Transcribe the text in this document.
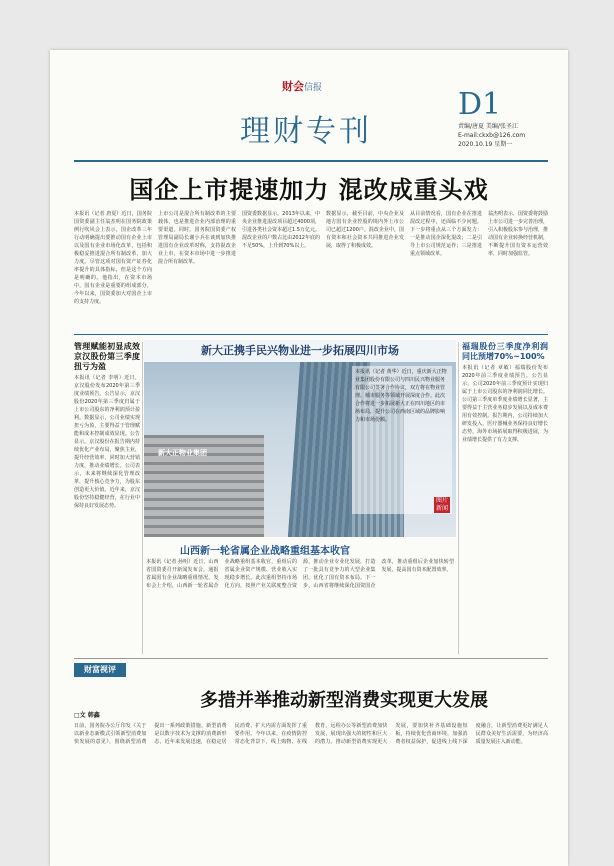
财会信报
理财专刊
D1
责编/唐夏 美编/张圣江
E-mail:ckxb@126.com
2020.10.19 星期一
国企上市提速加力 混改成重头戏
本报讯（记者 唐夏）近日，国务院国资委副主任翁杰明在国务院政策例行吹风会上表示，国企改革三年行动明确提出要推动国有企业上市以及国有企业市场化改革，包括积极稳妥推进混合所有制改革，加大力度。尽管这项对国有资产证券化率提升的具体指标，但是这个方向是明确的。他指出，在资本市场中，国有企业是重要的组成部分，今年以来，国资委加大对国企上市的支持力度。
上市公司是混合所有制改革的主要载体，也是推进企业内部治理的重要渠道。同时，国务院国资委产权管理局副局长谢小兵在谈到加快推进国有企业改革时称，支持混改企业上市，在资本市场中进一步推进混合所有制改革。
国资委数据显示，2013年以来，中央企业推进混改项目超过4000项，引进各类社会资本超过1.5万亿元。混改企业的户数占比由2012年底的不足50%，上升到70%以上。
数据显示，截至目前，中央企业及地方国有企业控股的境内外上市公司已超过1200户。混改企业中，国有资本和社会资本共同推进企业发展，取得了积极成效。
从目前情况看，国有企业在推进混改过程中，还面临不少问题。下一步将重点从三个方面发力：一是推动国企深化混改；二是引导上市公司规范运作；三是推进重点领域改革。
翁杰明表示，国资委将鼓励上市公司进一步完善治理，引入积极股东参与治理，推动国有企业转换经营机制，不断提升国有资本运营效率，同时加强监管。
管理赋能初显成效 京汉股份第三季度扭亏为盈
本报讯（记者 李明）近日，京汉股份发布2020年第三季度业绩预告。公告显示，京汉股份2020年第三季度归属于上市公司股东的净利润预计盈利。数据显示，公司业绩实现扭亏为盈，主要得益于管理赋能和成本控制成效显现。公告显示，京汉股份在报告期内持续优化产业布局，聚焦主业，提升经营效率，同时加大营销力度，推动业绩增长。公司表示，未来将继续深化管理改革，提升核心竞争力，为股东创造更大价值。近年来，京汉股份坚持稳健经营，在行业中保持良好发展态势。
新大正物业集团
新大正携手民兴物业进一步拓展四川市场
本报讯（记者 黄华）近日，重庆新大正物业集团股份有限公司与四川民兴物业服务有限公司签署合作协议，双方将在物业管理、城市服务等领域开展深度合作。此次合作将进一步拓展新大正在四川地区的市场布局，提升公司在西南区域的品牌影响力和市场份额。
图片新闻
福瑞股份三季度净利润同比预增70%~100%
本报讯（记者 章敏）福瑞股份发布2020年前三季度业绩预告。公告显示，公司2020年前三季度预计实现归属于上市公司股东的净利润同比增长。公司第三季度单季度业绩增长显著，主要得益于主营业务稳步发展以及成本费用有效控制。报告期内，公司持续加大研发投入，医疗器械业务保持良好增长态势，海外市场拓展取得积极进展，为业绩增长提供了有力支撑。
山西新一轮省属企业战略重组基本收官
本报讯（记者 孙明）近日，山西省国资委召开新闻发布会，通报省属国有企业战略重组情况。发布会上介绍，山西新一轮省属企业战略重组基本收官，重组后的省属企业资产规模、营业收入实现稳步增长。此次重组坚持市场化方向，按照产业关联度整合资源，推动企业专业化发展，打造了一批具有竞争力的大型企业集团，优化了国有资本布局。下一步，山西省将继续深化国资国企改革，推动重组后企业加快转型发展，提高国有资本配置效率。
财富视评
多措并举推动新型消费实现更大发展
□文 韩鑫
日前，国务院办公厅印发《关于以新业态新模式引领新型消费加快发展的意见》，围绕新型消费提出一系列政策措施。新型消费是以数字技术为支撑的消费新形态，近年来发展迅速，在稳定居民消费、扩大内需方面发挥了重要作用。今年以来，在疫情防控常态化背景下，线上购物、在线教育、远程办公等新型消费加快发展，展现出强大的韧性和巨大的潜力。推动新型消费实现更大发展，要加快补齐基础设施短板，持续优化营商环境，加强消费者权益保护，促进线上线下深度融合，让新型消费更好满足人民群众美好生活需要，为经济高质量发展注入新动能。
